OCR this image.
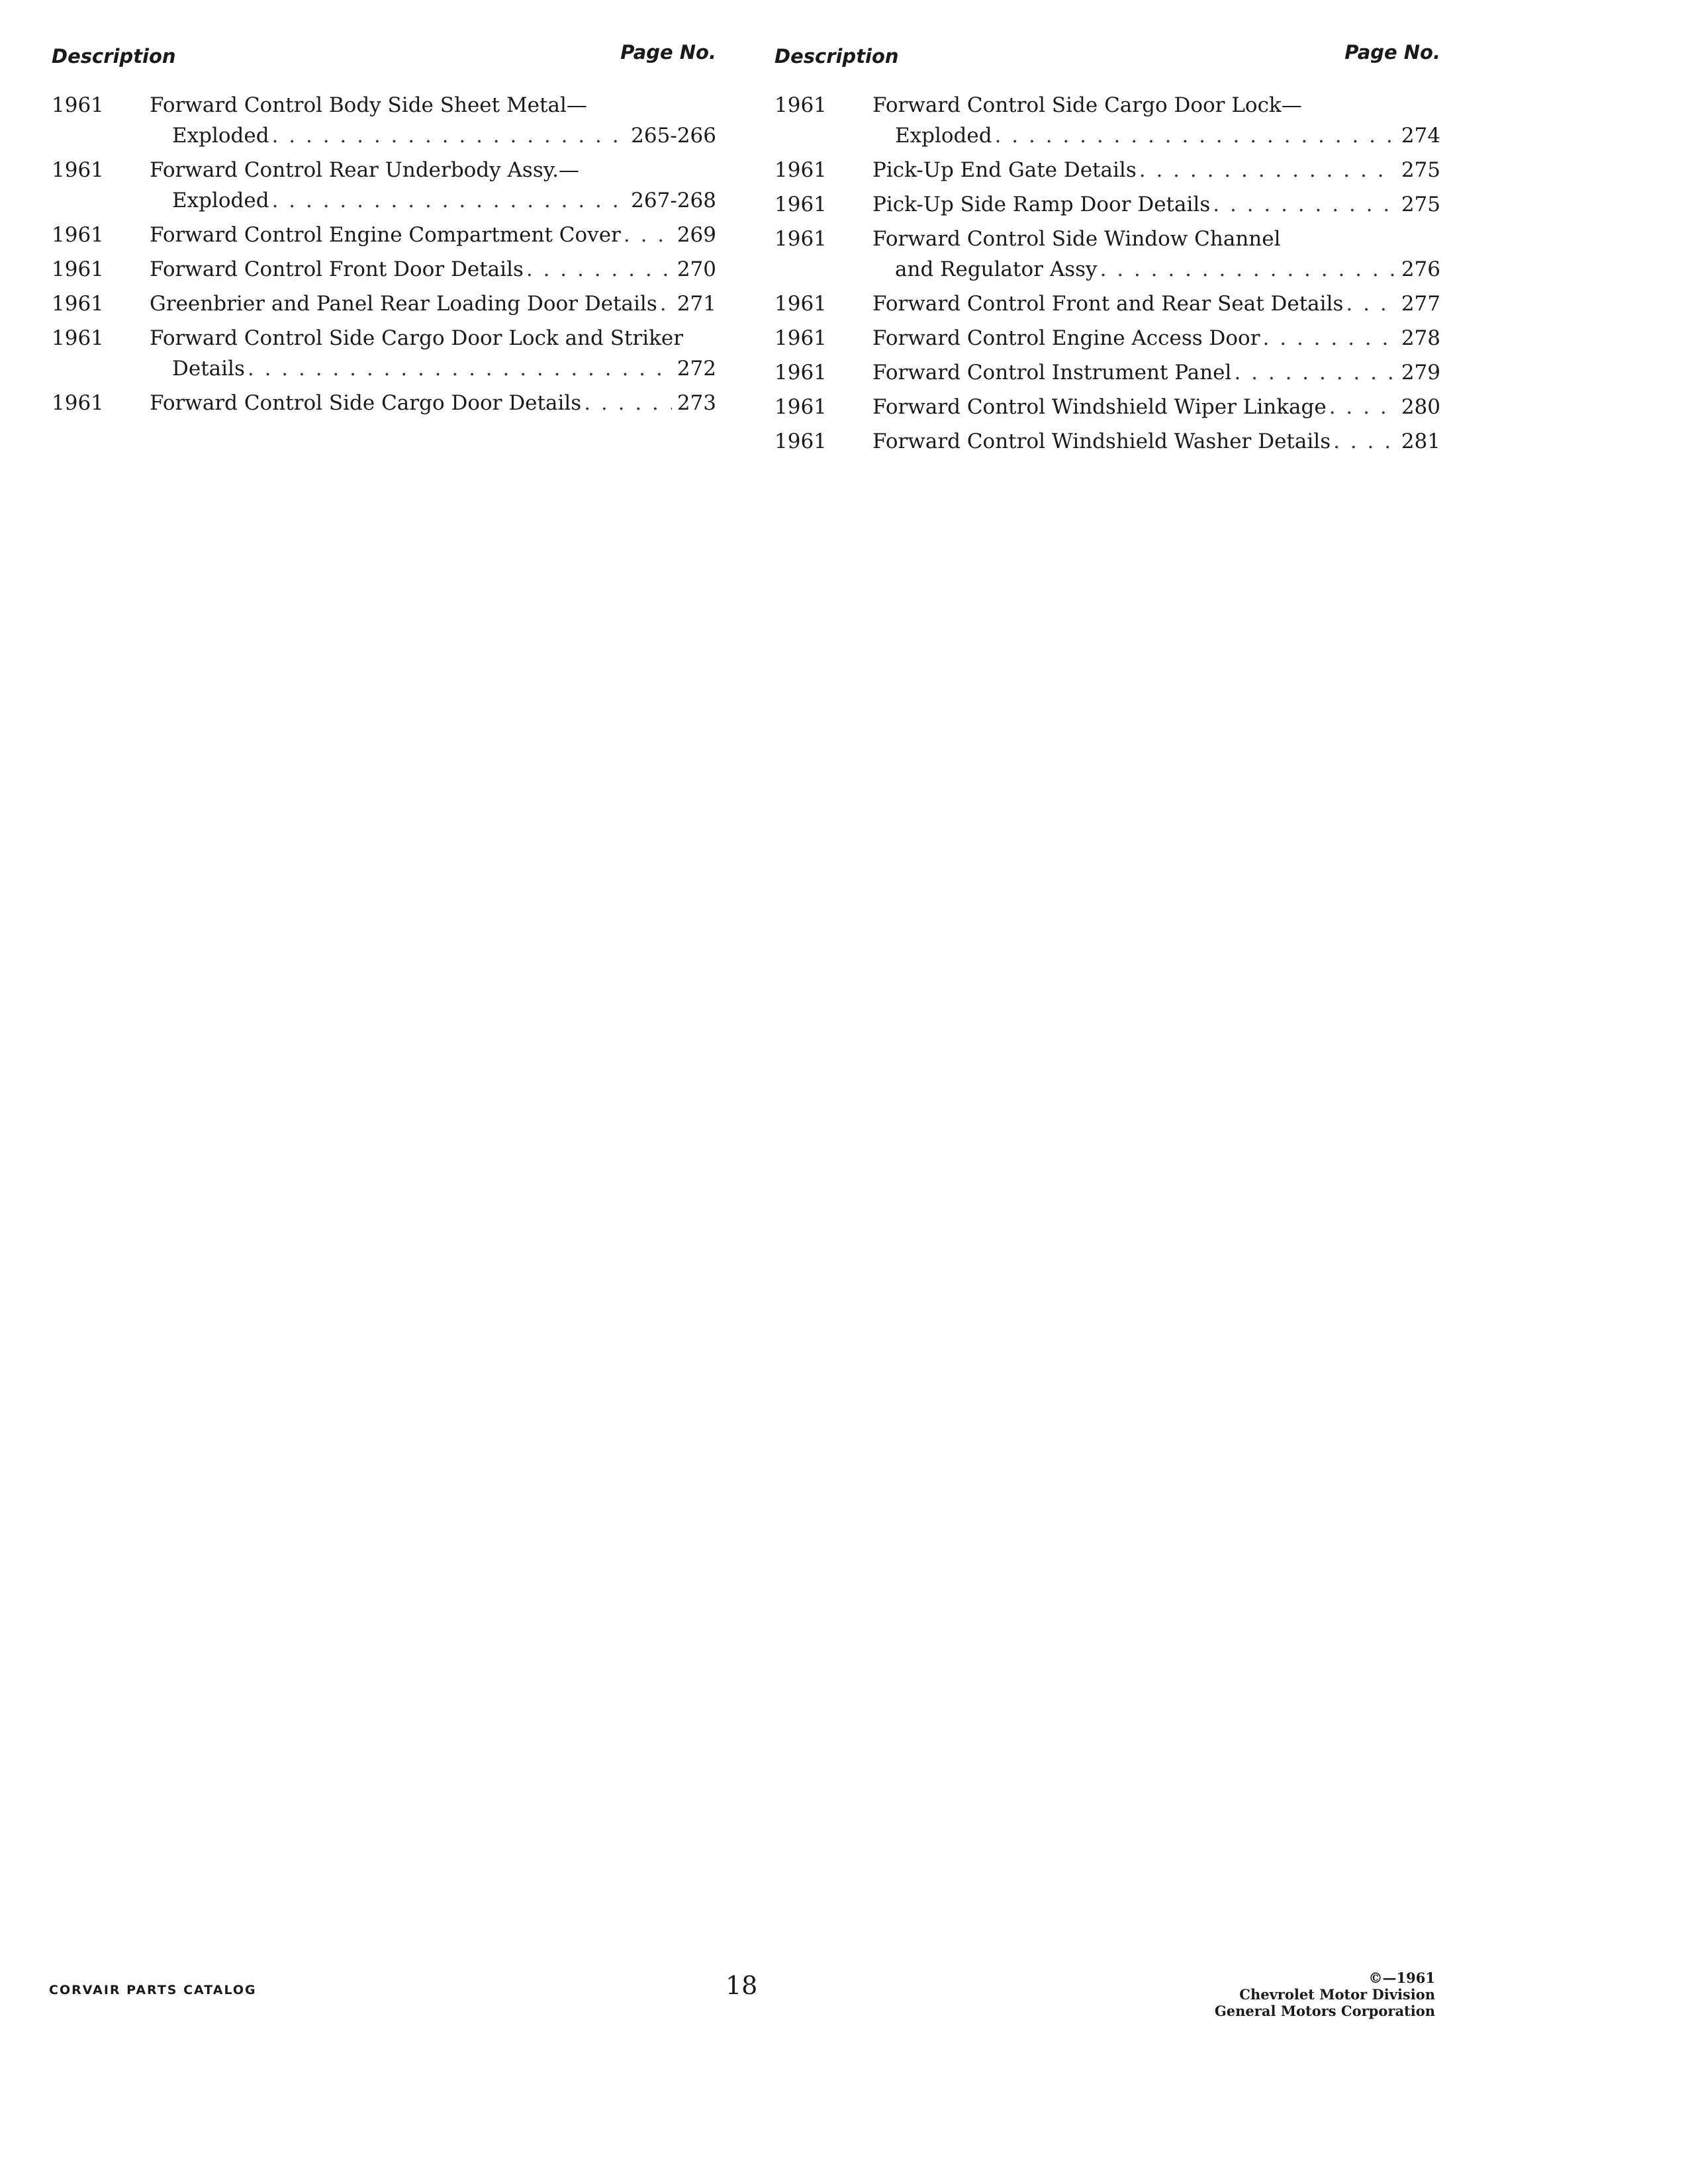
Description	Page No.
1961 Forward Control Body Side Sheet Metal—
Exploded . . .	265-266
1961 Forward Control Rear Underbody Assy.—
Exploded . . .	267-268
1961 Forward Control Engine Compartment Cover . . .	269
1961 Forward Control Front Door Details . . .	270
1961 Greenbrier and Panel Rear Loading Door Details . . . 271
1961 Forward Control Side Cargo Door Lock and Striker
Details . . .	272
1961 Forward Control Side Cargo Door Details . . .	273
Description	Page No.
1961 Forward Control Side Cargo Door Lock—
Exploded . . .	274
1961 Pick-Up End Gate Details . . .	275
1961 Pick-Up Side Ramp Door Details . . .	275
1961 Forward Control Side Window Channel
and Regulator Assy . . .	276
1961 Forward Control Front and Rear Seat Details . . .	277
1961 Forward Control Engine Access Door . . .	278
1961 Forward Control Instrument Panel . . .	279
1961 Forward Control Windshield Wiper Linkage . . .	280
1961 Forward Control Windshield Washer Details . . .	281
CORVAIR PARTS CATALOG	18	©—1961
Chevrolet Motor Division
General Motors Corporation
